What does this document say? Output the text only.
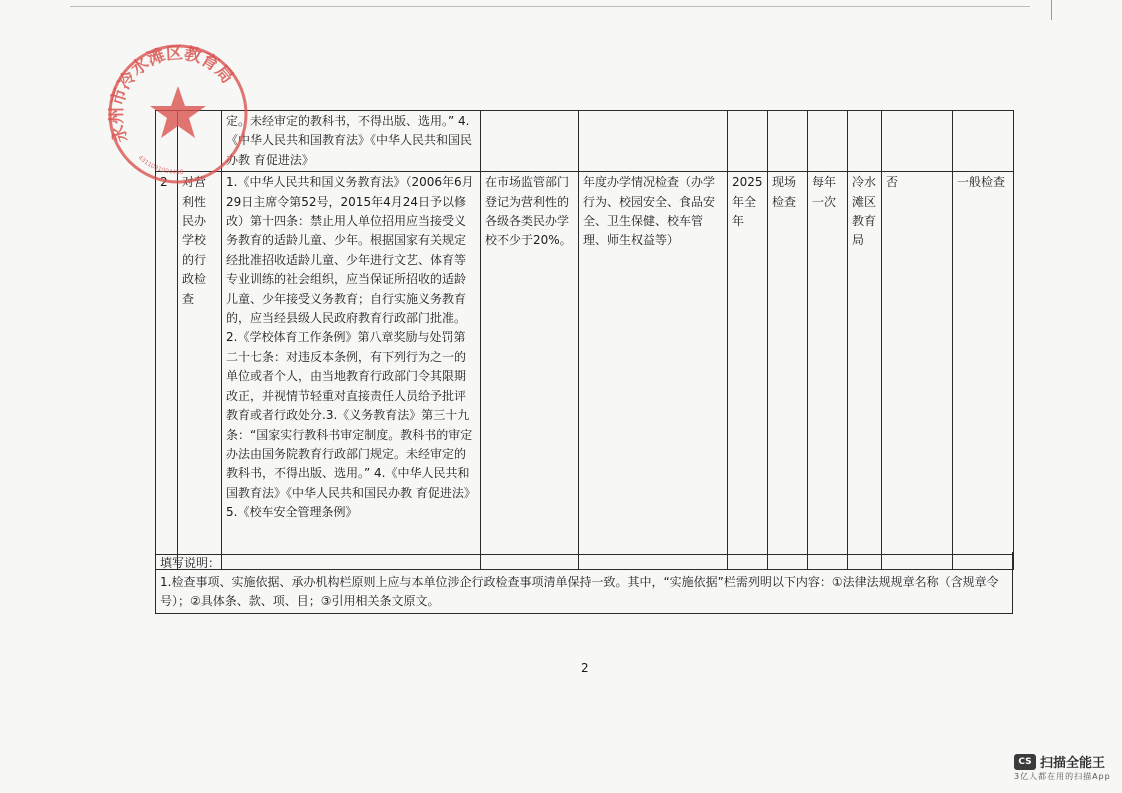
		定。未经审定的教科书，不得出版、选用。” 4.《中华人民共和国教育法》《中华人民共和国民办教 育促进法》								
2	对营利性民办学校的行政检查	1.《中华人民共和国义务教育法》（2006年6月29日主席令第52号，2015年4月24日予以修改）第十四条：禁止用人单位招用应当接受义务教育的适龄儿童、少年。根据国家有关规定经批准招收适龄儿童、少年进行文艺、体育等专业训练的社会组织，应当保证所招收的适龄儿童、少年接受义务教育；自行实施义务教育的，应当经县级人民政府教育行政部门批准。2.《学校体育工作条例》第八章奖励与处罚第二十七条：对违反本条例，有下列行为之一的单位或者个人，由当地教育行政部门令其限期改正，并视情节轻重对直接责任人员给予批评教育或者行政处分.3.《义务教育法》第三十九条：“国家实行教科书审定制度。教科书的审定办法由国务院教育行政部门规定。未经审定的教科书，不得出版、选用。” 4.《中华人民共和国教育法》《中华人民共和国民办教 育促进法》5.《校车安全管理条例》	在市场监管部门登记为营利性的各级各类民办学校不少于20%。	年度办学情况检查（办学行为、校园安全、食品安全、卫生保健、校车管理、师生权益等）	2025年全年	现场检查	每年一次	冷水滩区教育局	否	一般检查

填写说明：
1.检查事项、实施依据、承办机构栏原则上应与本单位涉企行政检查事项清单保持一致。其中，“实施依据”栏需列明以下内容：①法律法规规章名称（含规章令号）；②具体条、款、项、目；③引用相关条文原文。
2
永州市冷水滩区教育局
4311031004458
CS 扫描全能王
3亿人都在用的扫描App
